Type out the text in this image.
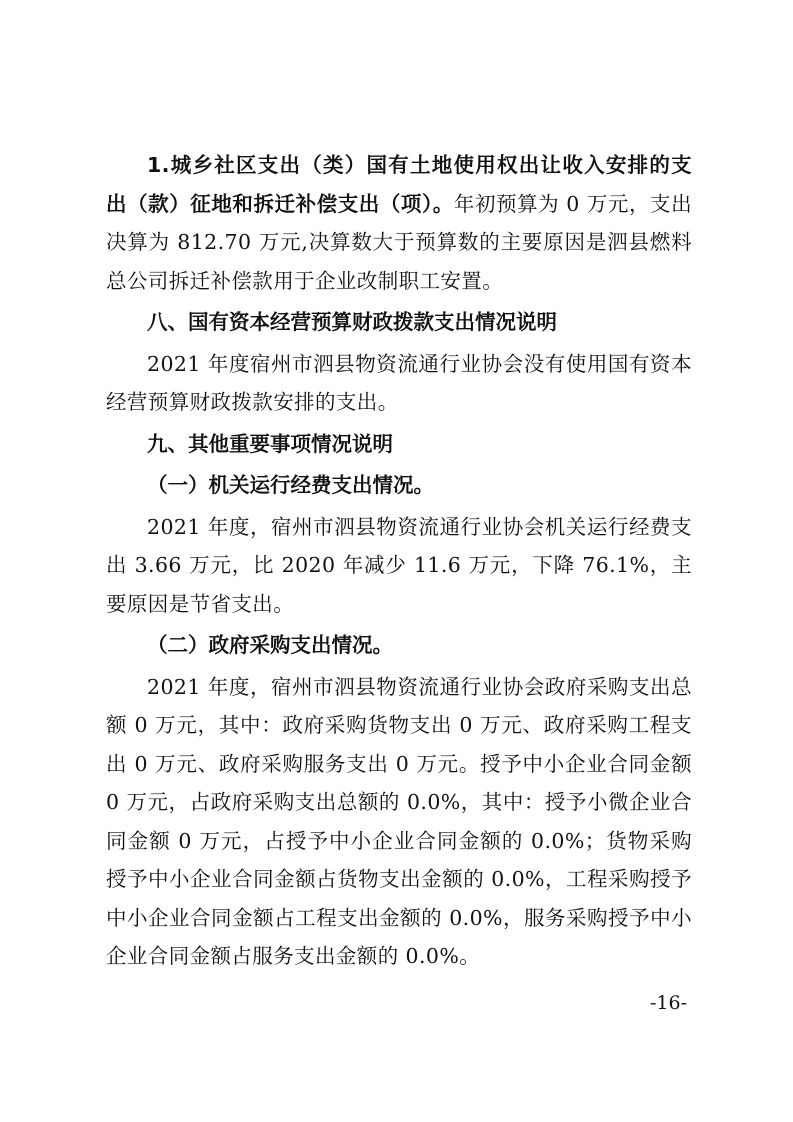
1.城乡社区支出（类）国有土地使用权出让收入安排的支出（款）征地和拆迁补偿支出（项）。年初预算为 0 万元，支出决算为 812.70 万元,决算数大于预算数的主要原因是泗县燃料总公司拆迁补偿款用于企业改制职工安置。

八、国有资本经营预算财政拨款支出情况说明

2021 年度宿州市泗县物资流通行业协会没有使用国有资本经营预算财政拨款安排的支出。

九、其他重要事项情况说明

（一）机关运行经费支出情况。

2021 年度，宿州市泗县物资流通行业协会机关运行经费支出 3.66 万元，比 2020 年减少 11.6 万元，下降 76.1%，主要原因是节省支出。

（二）政府采购支出情况。

2021 年度，宿州市泗县物资流通行业协会政府采购支出总额 0 万元，其中：政府采购货物支出 0 万元、政府采购工程支出 0 万元、政府采购服务支出 0 万元。授予中小企业合同金额 0 万元，占政府采购支出总额的 0.0%，其中：授予小微企业合同金额 0 万元，占授予中小企业合同金额的 0.0%；货物采购授予中小企业合同金额占货物支出金额的 0.0%，工程采购授予中小企业合同金额占工程支出金额的 0.0%，服务采购授予中小企业合同金额占服务支出金额的 0.0%。

-16-
